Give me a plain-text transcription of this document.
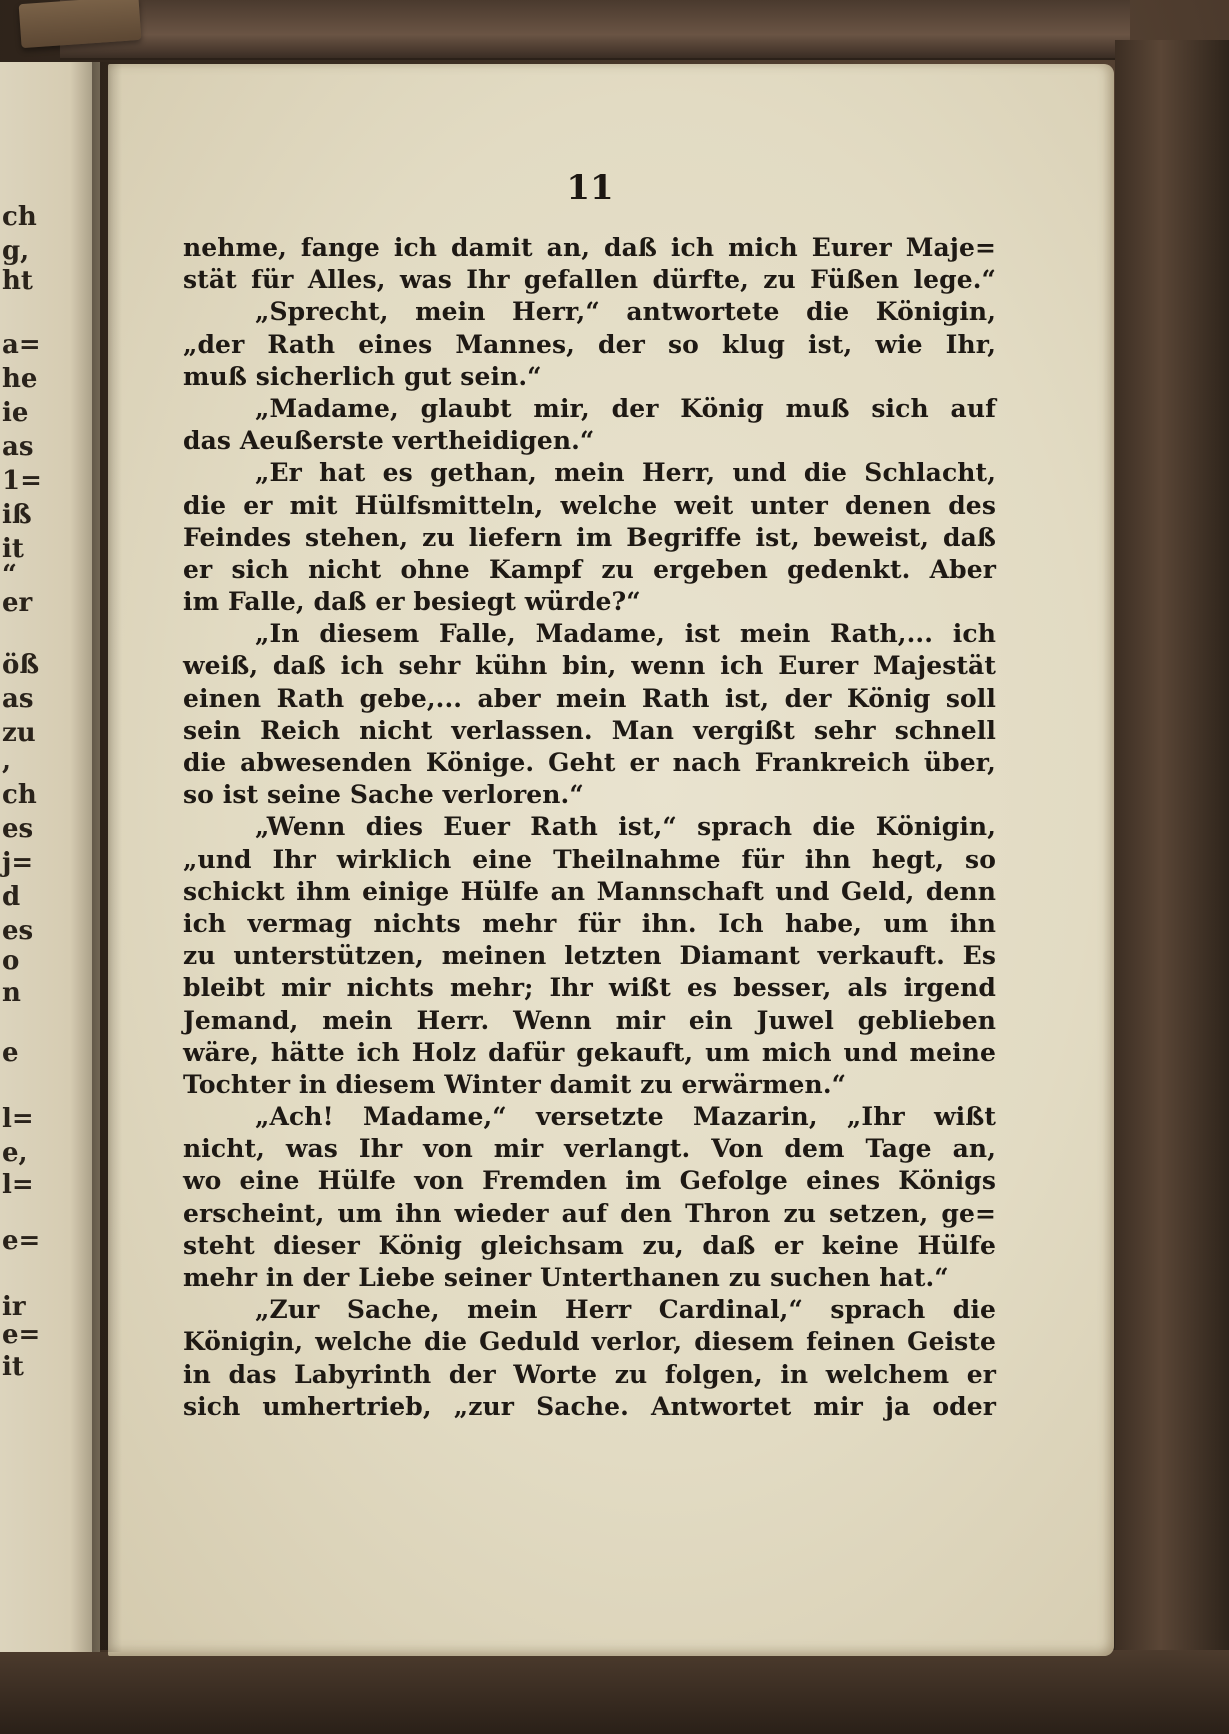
ch
g,
ht
a=
he
ie
as
1=
iß
it
“
er
öß
as
zu
,
ch
es
j=
d
es
o
n
e
l=
e,
l=
e=
ir
e=
it
11
nehme, fange ich damit an, daß ich mich Eurer Maje=
stät für Alles, was Ihr gefallen dürfte, zu Füßen lege.“
„Sprecht, mein Herr,“ antwortete die Königin,
„der Rath eines Mannes, der so klug ist, wie Ihr,
muß sicherlich gut sein.“
„Madame, glaubt mir, der König muß sich auf
das Aeußerste vertheidigen.“
„Er hat es gethan, mein Herr, und die Schlacht,
die er mit Hülfsmitteln, welche weit unter denen des
Feindes stehen, zu liefern im Begriffe ist, beweist, daß
er sich nicht ohne Kampf zu ergeben gedenkt. Aber
im Falle, daß er besiegt würde?“
„In diesem Falle, Madame, ist mein Rath,... ich
weiß, daß ich sehr kühn bin, wenn ich Eurer Majestät
einen Rath gebe,... aber mein Rath ist, der König soll
sein Reich nicht verlassen. Man vergißt sehr schnell
die abwesenden Könige. Geht er nach Frankreich über,
so ist seine Sache verloren.“
„Wenn dies Euer Rath ist,“ sprach die Königin,
„und Ihr wirklich eine Theilnahme für ihn hegt, so
schickt ihm einige Hülfe an Mannschaft und Geld, denn
ich vermag nichts mehr für ihn. Ich habe, um ihn
zu unterstützen, meinen letzten Diamant verkauft. Es
bleibt mir nichts mehr; Ihr wißt es besser, als irgend
Jemand, mein Herr. Wenn mir ein Juwel geblieben
wäre, hätte ich Holz dafür gekauft, um mich und meine
Tochter in diesem Winter damit zu erwärmen.“
„Ach! Madame,“ versetzte Mazarin, „Ihr wißt
nicht, was Ihr von mir verlangt. Von dem Tage an,
wo eine Hülfe von Fremden im Gefolge eines Königs
erscheint, um ihn wieder auf den Thron zu setzen, ge=
steht dieser König gleichsam zu, daß er keine Hülfe
mehr in der Liebe seiner Unterthanen zu suchen hat.“
„Zur Sache, mein Herr Cardinal,“ sprach die
Königin, welche die Geduld verlor, diesem feinen Geiste
in das Labyrinth der Worte zu folgen, in welchem er
sich umhertrieb, „zur Sache. Antwortet mir ja oder
